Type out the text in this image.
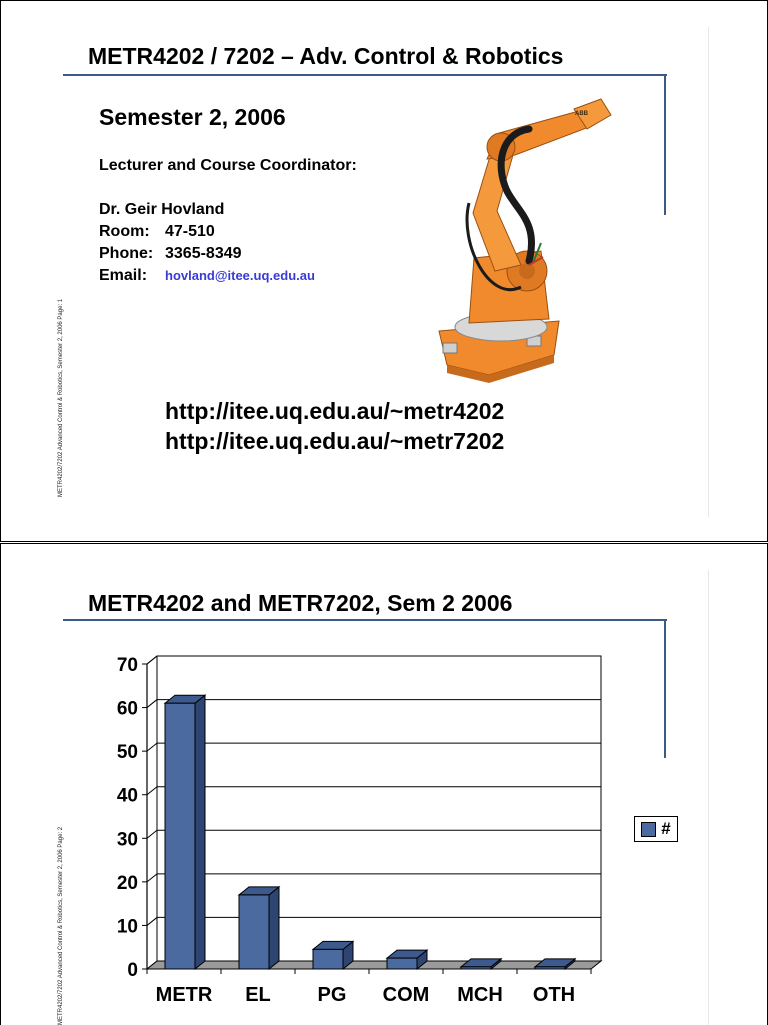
METR4202 / 7202 – Adv. Control & Robotics
METR4202/7202 Advanced Control & Robotics, Semester 2, 2006 Page: 1
Semester 2, 2006
Lecturer and Course Coordinator:
Dr. Geir Hovland
Room: 47-510
Phone: 3365-8349
Email: hovland@itee.uq.edu.au
http://itee.uq.edu.au/~metr4202
http://itee.uq.edu.au/~metr7202
ABB
METR4202 and METR7202, Sem 2 2006
METR4202/7202 Advanced Control & Robotics, Semester 2, 2006 Page: 2	0
10
20
30
40
50
60
70
METR EL PG COM MCH OTH
#
